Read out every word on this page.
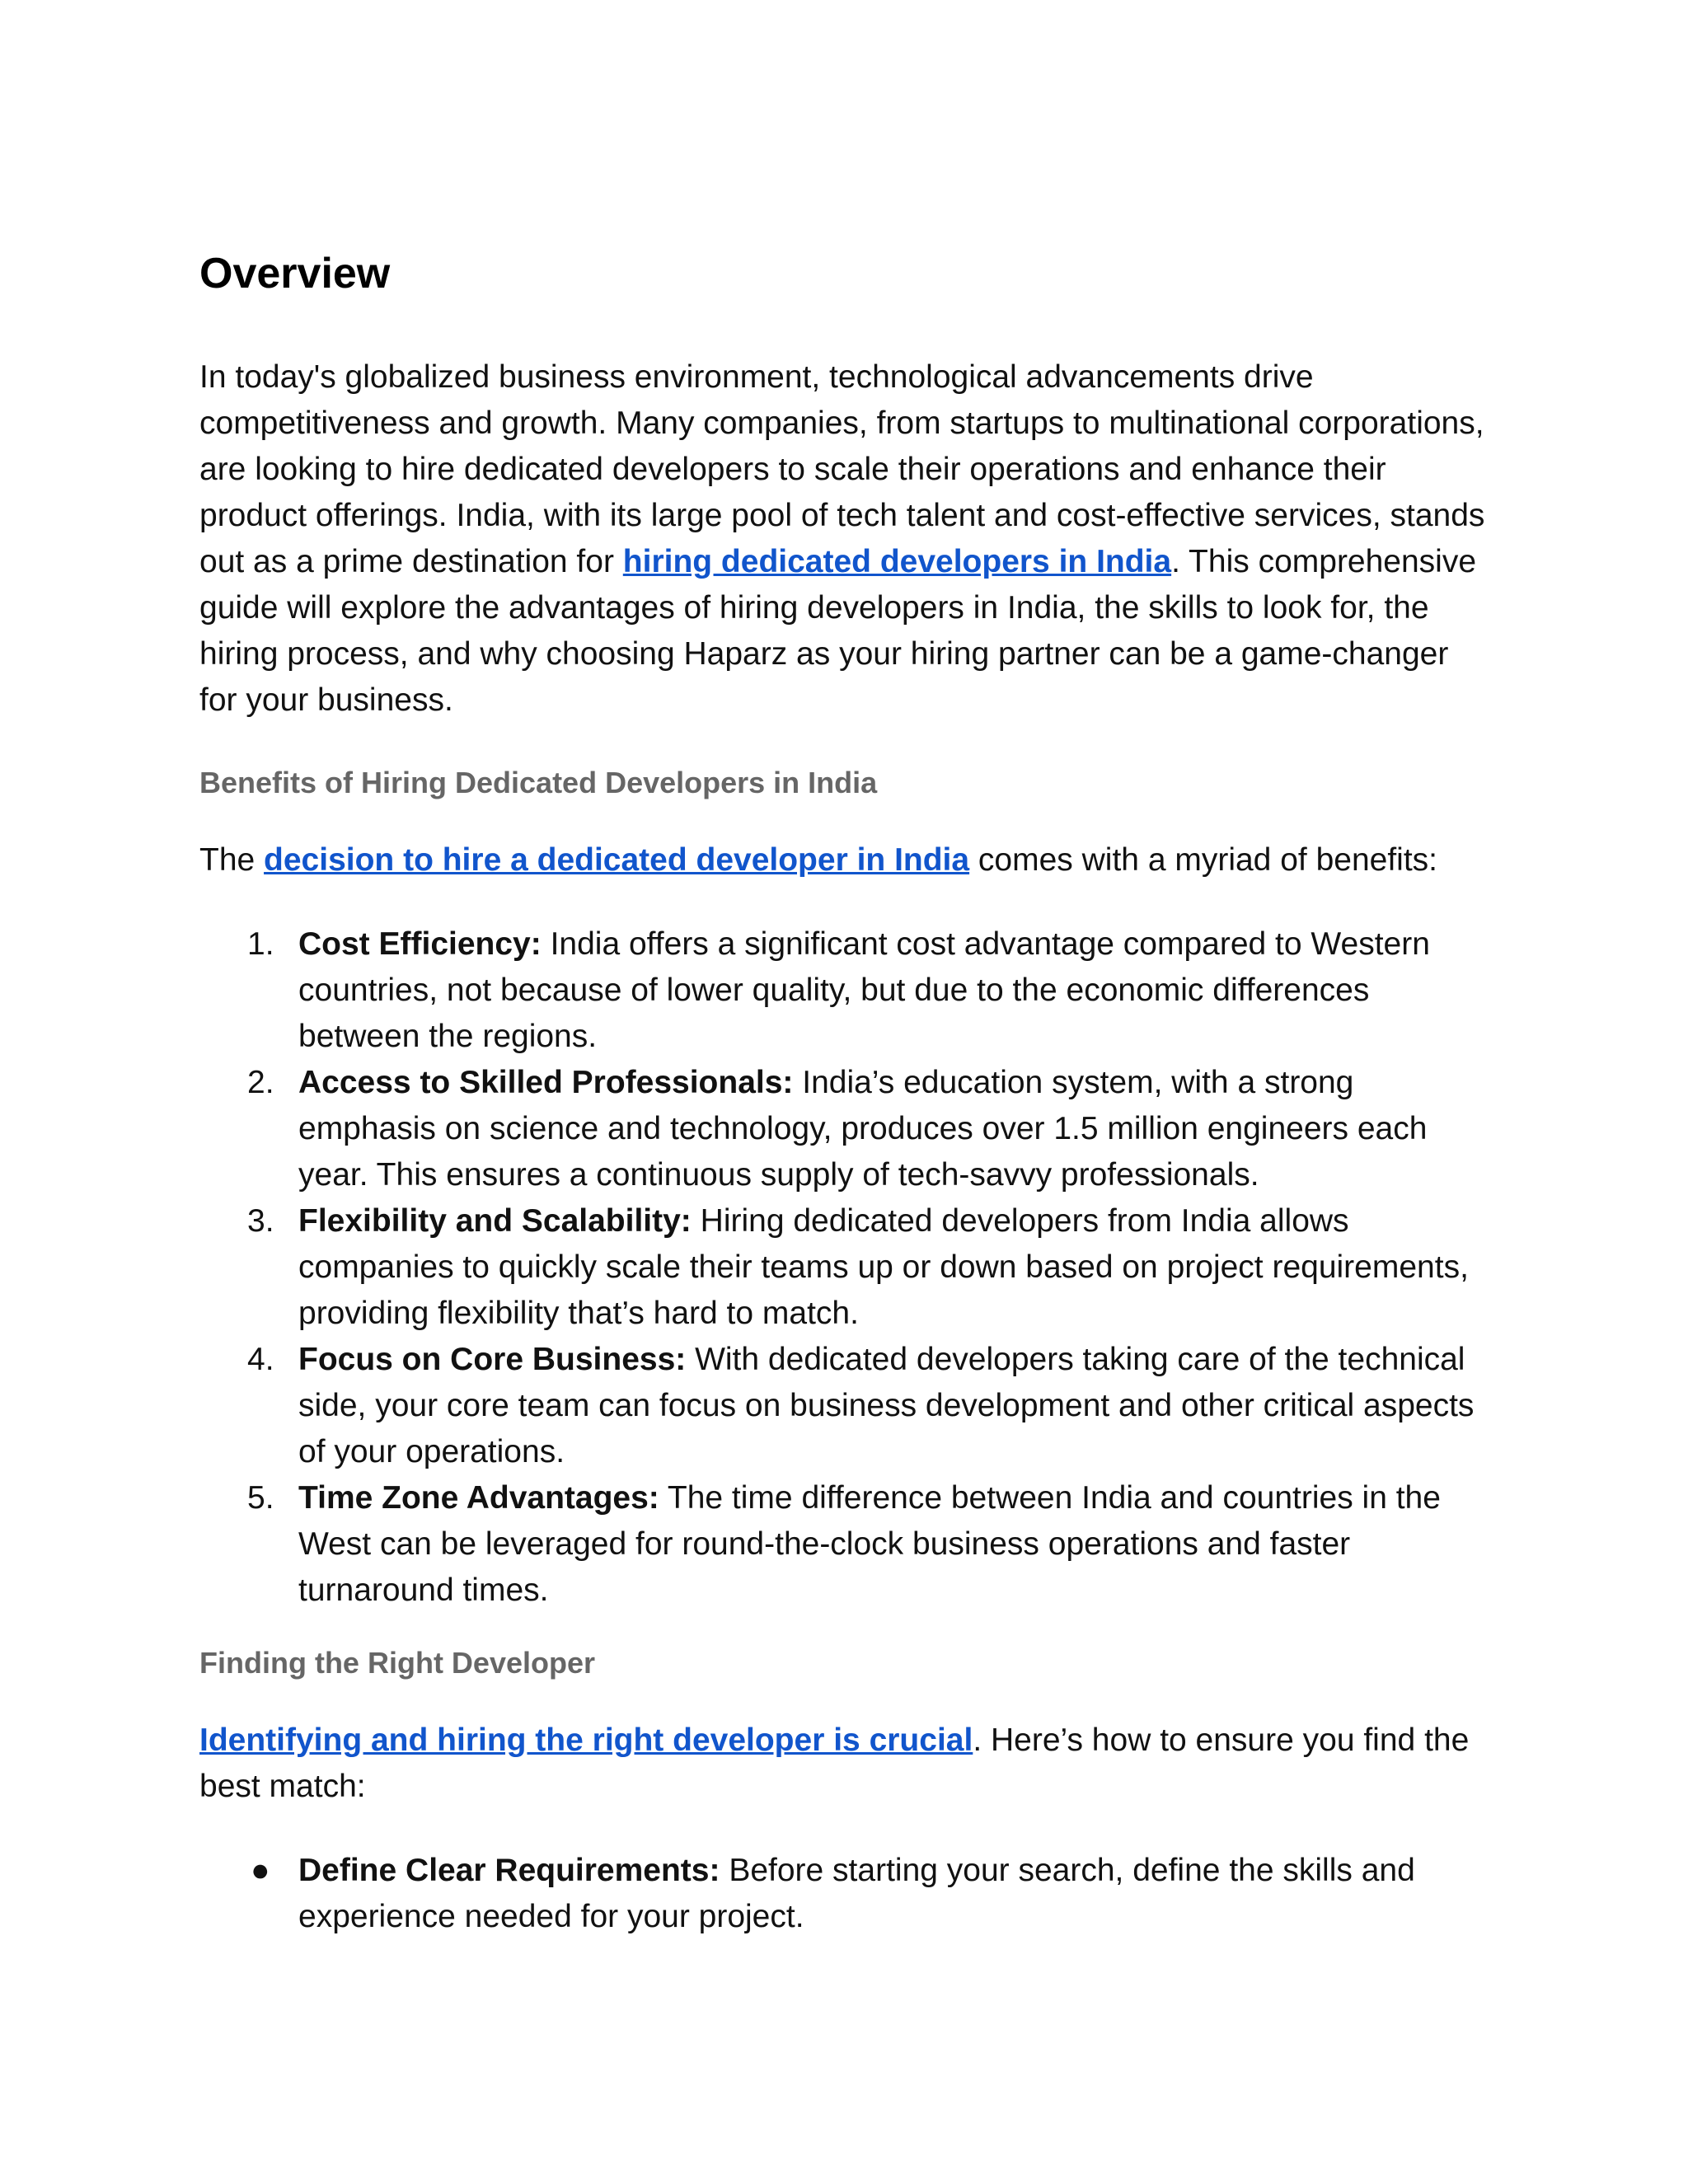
Overview

In today's globalized business environment, technological advancements drive competitiveness and growth. Many companies, from startups to multinational corporations, are looking to hire dedicated developers to scale their operations and enhance their product offerings. India, with its large pool of tech talent and cost-effective services, stands out as a prime destination for hiring dedicated developers in India. This comprehensive guide will explore the advantages of hiring developers in India, the skills to look for, the hiring process, and why choosing Haparz as your hiring partner can be a game-changer for your business.

Benefits of Hiring Dedicated Developers in India

The decision to hire a dedicated developer in India comes with a myriad of benefits:

1. Cost Efficiency: India offers a significant cost advantage compared to Western countries, not because of lower quality, but due to the economic differences between the regions.
2. Access to Skilled Professionals: India’s education system, with a strong emphasis on science and technology, produces over 1.5 million engineers each year. This ensures a continuous supply of tech-savvy professionals.
3. Flexibility and Scalability: Hiring dedicated developers from India allows companies to quickly scale their teams up or down based on project requirements, providing flexibility that’s hard to match.
4. Focus on Core Business: With dedicated developers taking care of the technical side, your core team can focus on business development and other critical aspects of your operations.
5. Time Zone Advantages: The time difference between India and countries in the West can be leveraged for round-the-clock business operations and faster turnaround times.
Finding the Right Developer

Identifying and hiring the right developer is crucial. Here’s how to ensure you find the best match:

● Define Clear Requirements: Before starting your search, define the skills and experience needed for your project.
